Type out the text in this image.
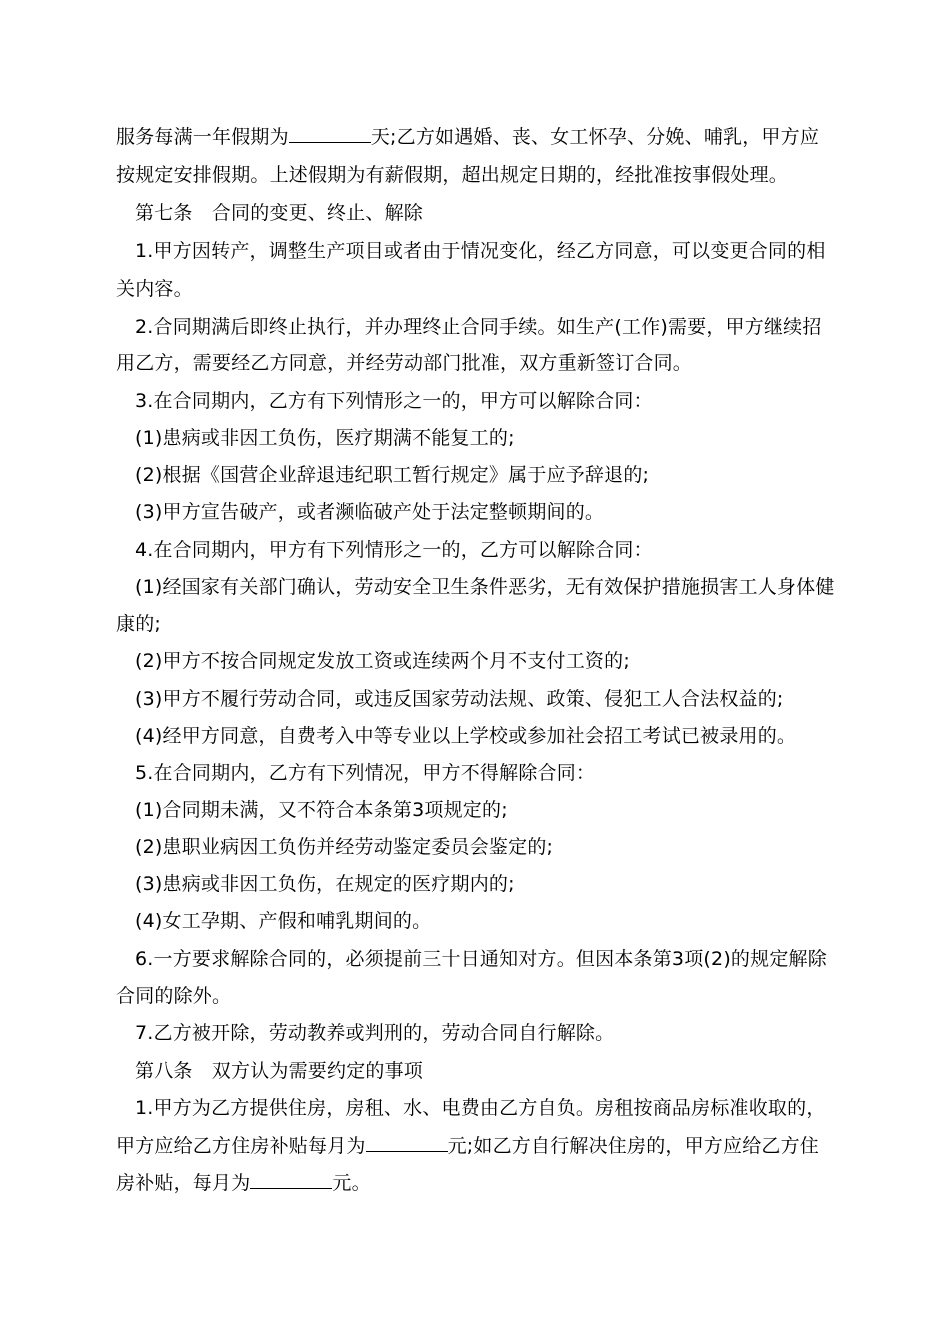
服务每满一年假期为	天;乙方如遇婚、丧、女工怀孕、分娩、哺乳，甲方应
按规定安排假期。上述假期为有薪假期，超出规定日期的，经批准按事假处理。
第七条　合同的变更、终止、解除
1.甲方因转产，调整生产项目或者由于情况变化，经乙方同意，可以变更合同的相
关内容。
2.合同期满后即终止执行，并办理终止合同手续。如生产(工作)需要，甲方继续招
用乙方，需要经乙方同意，并经劳动部门批准，双方重新签订合同。
3.在合同期内，乙方有下列情形之一的，甲方可以解除合同：
(1)患病或非因工负伤，医疗期满不能复工的;
(2)根据《国营企业辞退违纪职工暂行规定》属于应予辞退的;
(3)甲方宣告破产，或者濒临破产处于法定整顿期间的。
4.在合同期内，甲方有下列情形之一的，乙方可以解除合同：
(1)经国家有关部门确认，劳动安全卫生条件恶劣，无有效保护措施损害工人身体健
康的;
(2)甲方不按合同规定发放工资或连续两个月不支付工资的;
(3)甲方不履行劳动合同，或违反国家劳动法规、政策、侵犯工人合法权益的;
(4)经甲方同意，自费考入中等专业以上学校或参加社会招工考试已被录用的。
5.在合同期内，乙方有下列情况，甲方不得解除合同：
(1)合同期未满，又不符合本条第3项规定的;
(2)患职业病因工负伤并经劳动鉴定委员会鉴定的;
(3)患病或非因工负伤，在规定的医疗期内的;
(4)女工孕期、产假和哺乳期间的。
6.一方要求解除合同的，必须提前三十日通知对方。但因本条第3项(2)的规定解除
合同的除外。
7.乙方被开除，劳动教养或判刑的，劳动合同自行解除。
第八条　双方认为需要约定的事项
1.甲方为乙方提供住房，房租、水、电费由乙方自负。房租按商品房标准收取的，
甲方应给乙方住房补贴每月为	元;如乙方自行解决住房的，甲方应给乙方住
房补贴，每月为	元。
